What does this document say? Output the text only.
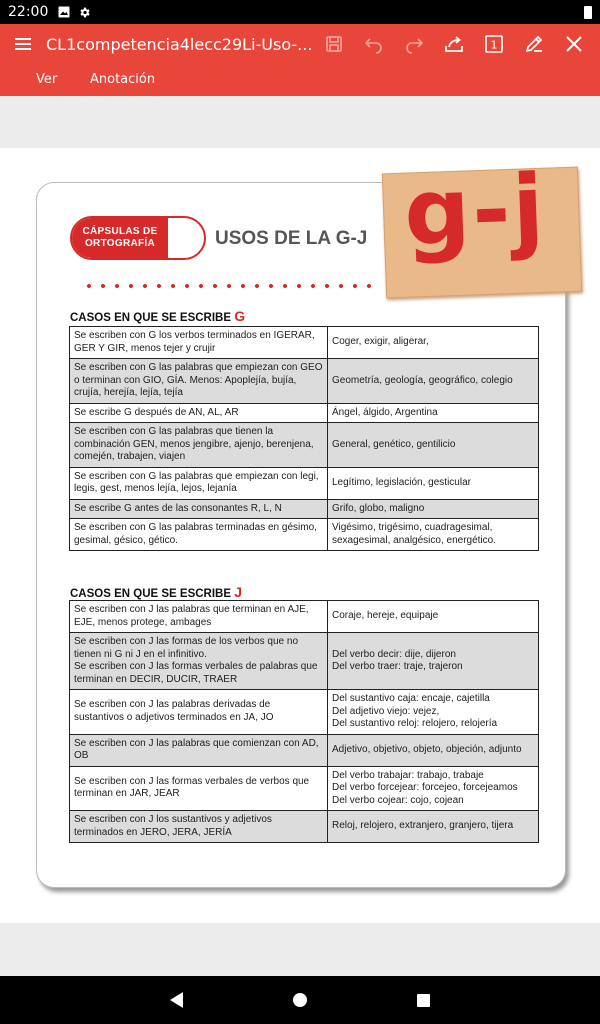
22:00
CL1competencia4lecc29Li-Uso-...	1
Ver	Anotación
CÁPSULAS DE
ORTOGRAFÍA	USOS DE LA G-J g-j
CASOS EN QUE SE ESCRIBE G
Se escriben con G los verbos terminados en IGERAR, GER Y GIR, menos tejer y crujir	Coger, exigir, aligerar,
Se escriben con G las palabras que empiezan con GEO o terminan con GIO, GÍA. Menos: Apoplejía, bujía, crujía, herejía, lejía, tejía	Geometría, geología, geográfico, colegio
Se escribe G después de AN, AL, AR	Ángel, álgido, Argentina
Se escriben con G las palabras que tienen la combinación GEN, menos jengibre, ajenjo, berenjena, comején, trabajen, viajen	General, genético, gentilicio
Se escriben con G las palabras que empiezan con legi, legis, gest, menos lejía, lejos, lejanía	Legítimo, legislación, gesticular
Se escribe G antes de las consonantes R, L, N	Grifo, globo, maligno
Se escriben con G las palabras terminadas en gésimo, gesimal, gésico, gético.	Vigésimo, trigésimo, cuadragesimal, sexagesimal, analgésico, energético.
CASOS EN QUE SE ESCRIBE J
Se escriben con J las palabras que terminan en AJE, EJE, menos protege, ambages	Coraje, hereje, equipaje
Se escriben con J las formas de los verbos que no tienen ni G ni J en el infinitivo.
Se escriben con J las formas verbales de palabras que terminan en DECIR, DUCIR, TRAER	Del verbo decir: dije, dijeron
Del verbo traer: traje, trajeron
Se escriben con J las palabras derivadas de sustantivos o adjetivos terminados en JA, JO	Del sustantivo caja: encaje, cajetilla
Del adjetivo viejo: vejez,
Del sustantivo reloj: relojero, relojería
Se escriben con J las palabras que comienzan con AD, OB	Adjetivo, objetivo, objeto, objeción, adjunto
Se escriben con J las formas verbales de verbos que terminan en JAR, JEAR	Del verbo trabajar: trabajo, trabaje
Del verbo forcejear: forcejeo, forcejeamos
Del verbo cojear: cojo, cojean
Se escriben con J los sustantivos y adjetivos terminados en JERO, JERA, JERÍA	Reloj, relojero, extranjero, granjero, tijera
